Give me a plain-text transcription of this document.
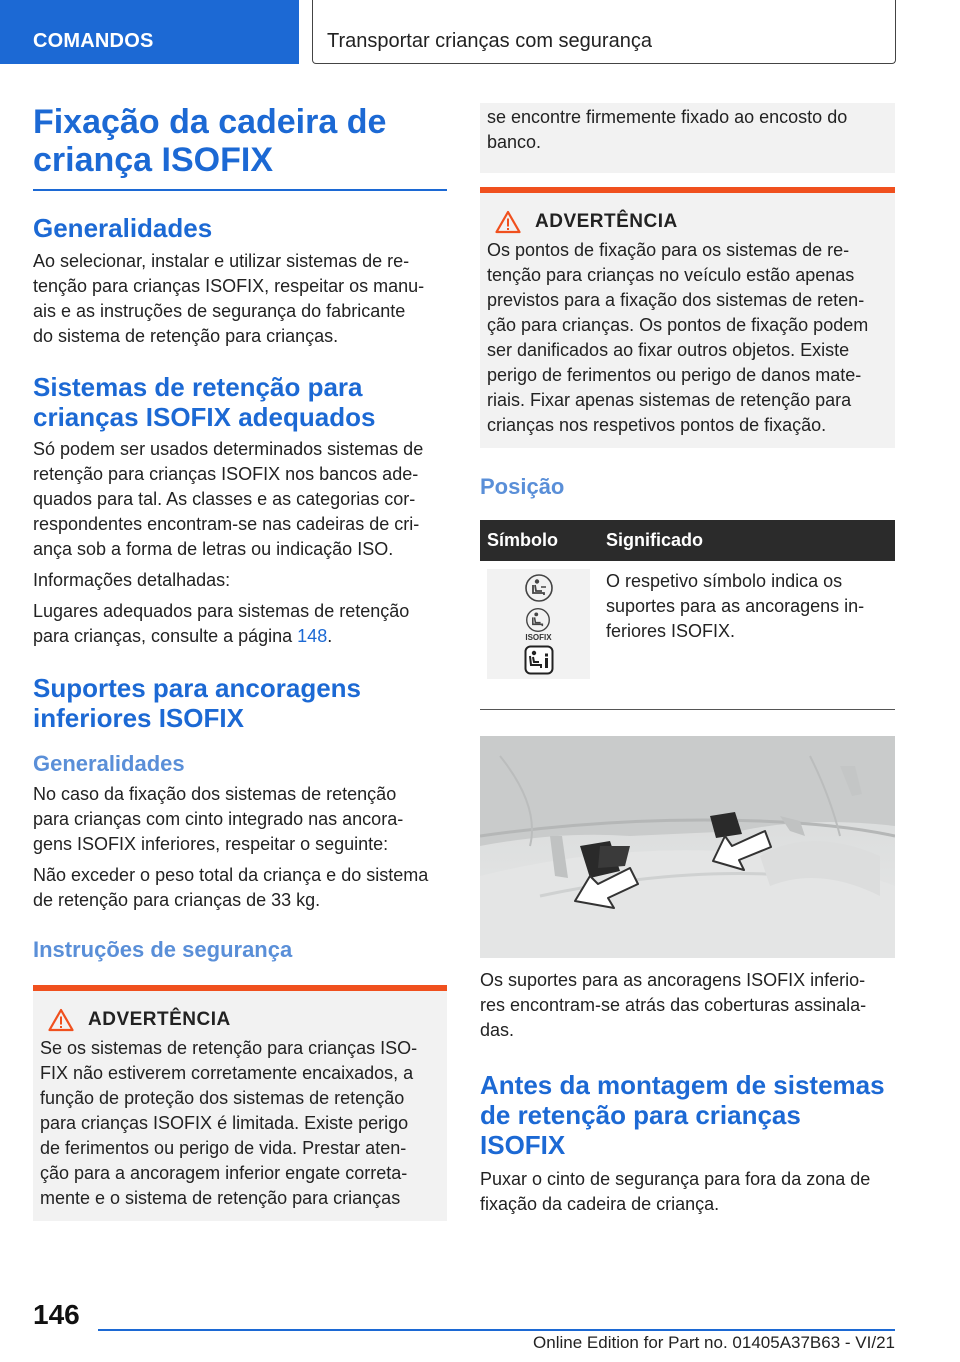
COMANDOS	Transportar crianças com segurança
Fixação da cadeira de
criança ISOFIX
Generalidades
Ao selecionar, instalar e utilizar sistemas de re-
tenção para crianças ISOFIX, respeitar os manu-
ais e as instruções de segurança do fabricante
do sistema de retenção para crianças.
Sistemas de retenção para
crianças ISOFIX adequados
Só podem ser usados determinados sistemas de
retenção para crianças ISOFIX nos bancos ade-
quados para tal. As classes e as categorias cor-
respondentes encontram-se nas cadeiras de cri-
ança sob a forma de letras ou indicação ISO.
Informações detalhadas:
Lugares adequados para sistemas de retenção
para crianças, consulte a página 148.
Suportes para ancoragens
inferiores ISOFIX
Generalidades
No caso da fixação dos sistemas de retenção
para crianças com cinto integrado nas ancora-
gens ISOFIX inferiores, respeitar o seguinte:
Não exceder o peso total da criança e do sistema
de retenção para crianças de 33 kg.
Instruções de segurança
ADVERTÊNCIA
Se os sistemas de retenção para crianças ISO-
FIX não estiverem corretamente encaixados, a
função de proteção dos sistemas de retenção
para crianças ISOFIX é limitada. Existe perigo
de ferimentos ou perigo de vida. Prestar aten-
ção para a ancoragem inferior engate correta-
mente e o sistema de retenção para crianças
se encontre firmemente fixado ao encosto do
banco.
ADVERTÊNCIA
Os pontos de fixação para os sistemas de re-
tenção para crianças no veículo estão apenas
previstos para a fixação dos sistemas de reten-
ção para crianças. Os pontos de fixação podem
ser danificados ao fixar outros objetos. Existe
perigo de ferimentos ou perigo de danos mate-
riais. Fixar apenas sistemas de retenção para
crianças nos respetivos pontos de fixação.
Posição
Símbolo	Significado

ISOFIX	O respetivo símbolo indica os
suportes para as ancoragens in-
feriores ISOFIX.
Os suportes para as ancoragens ISOFIX inferio-
res encontram-se atrás das coberturas assinala-
das.
Antes da montagem de sistemas
de retenção para crianças
ISOFIX
Puxar o cinto de segurança para fora da zona de
fixação da cadeira de criança.
146
Online Edition for Part no. 01405A37B63 - VI/21
